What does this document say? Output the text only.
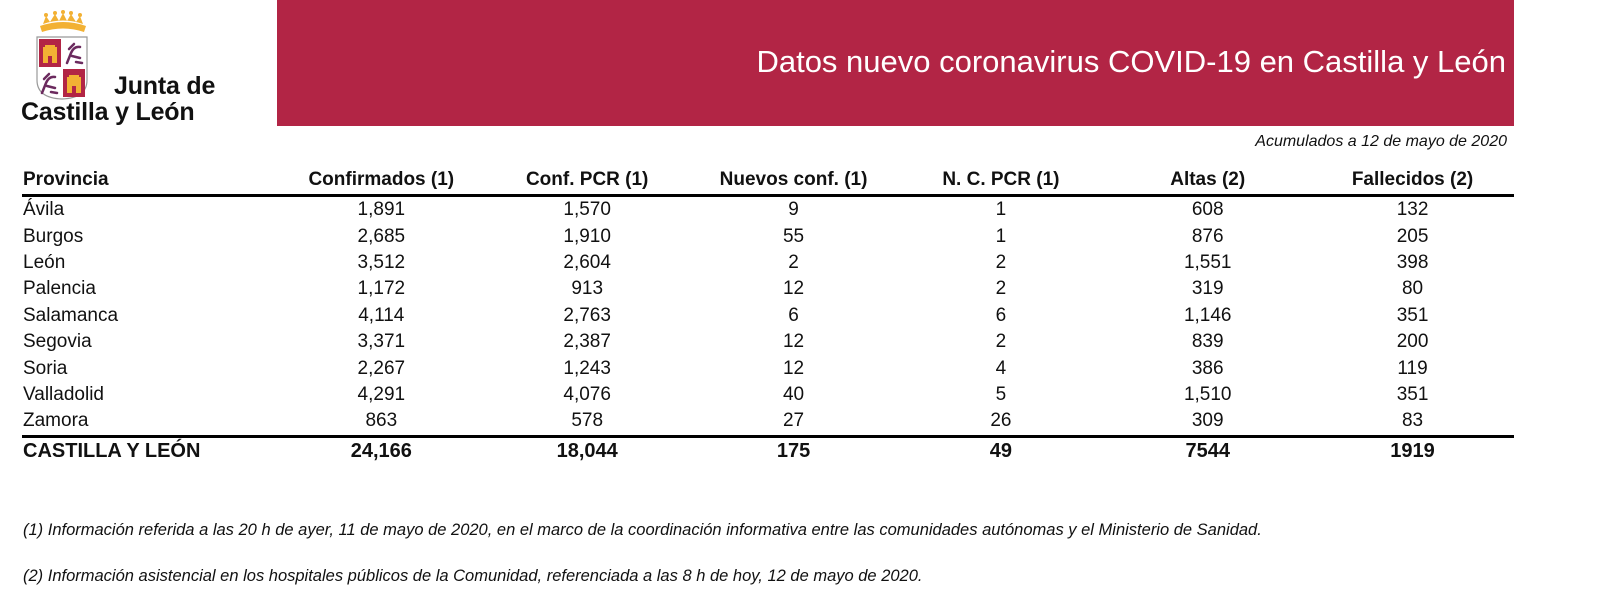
Junta de
Castilla y León
Datos nuevo coronavirus COVID-19 en Castilla y León
Acumulados a 12 de mayo de 2020
Provincia	Confirmados (1)	Conf. PCR (1)	Nuevos conf. (1)	N. C. PCR (1)	Altas (2)	Fallecidos (2)
Ávila	1,891	1,570	9	1	608	132
Burgos	2,685	1,910	55	1	876	205
León	3,512	2,604	2	2	1,551	398
Palencia	1,172	913	12	2	319	80
Salamanca	4,114	2,763	6	6	1,146	351
Segovia	3,371	2,387	12	2	839	200
Soria	2,267	1,243	12	4	386	119
Valladolid	4,291	4,076	40	5	1,510	351
Zamora	863	578	27	26	309	83
CASTILLA Y LEÓN	24,166	18,044	175	49	7544	1919
(1) Información referida a las 20 h de ayer, 11 de mayo de 2020, en el marco de la coordinación informativa entre las comunidades autónomas y el Ministerio de Sanidad.
(2) Información asistencial en los hospitales públicos de la Comunidad, referenciada a las 8 h de hoy, 12 de mayo de 2020.
